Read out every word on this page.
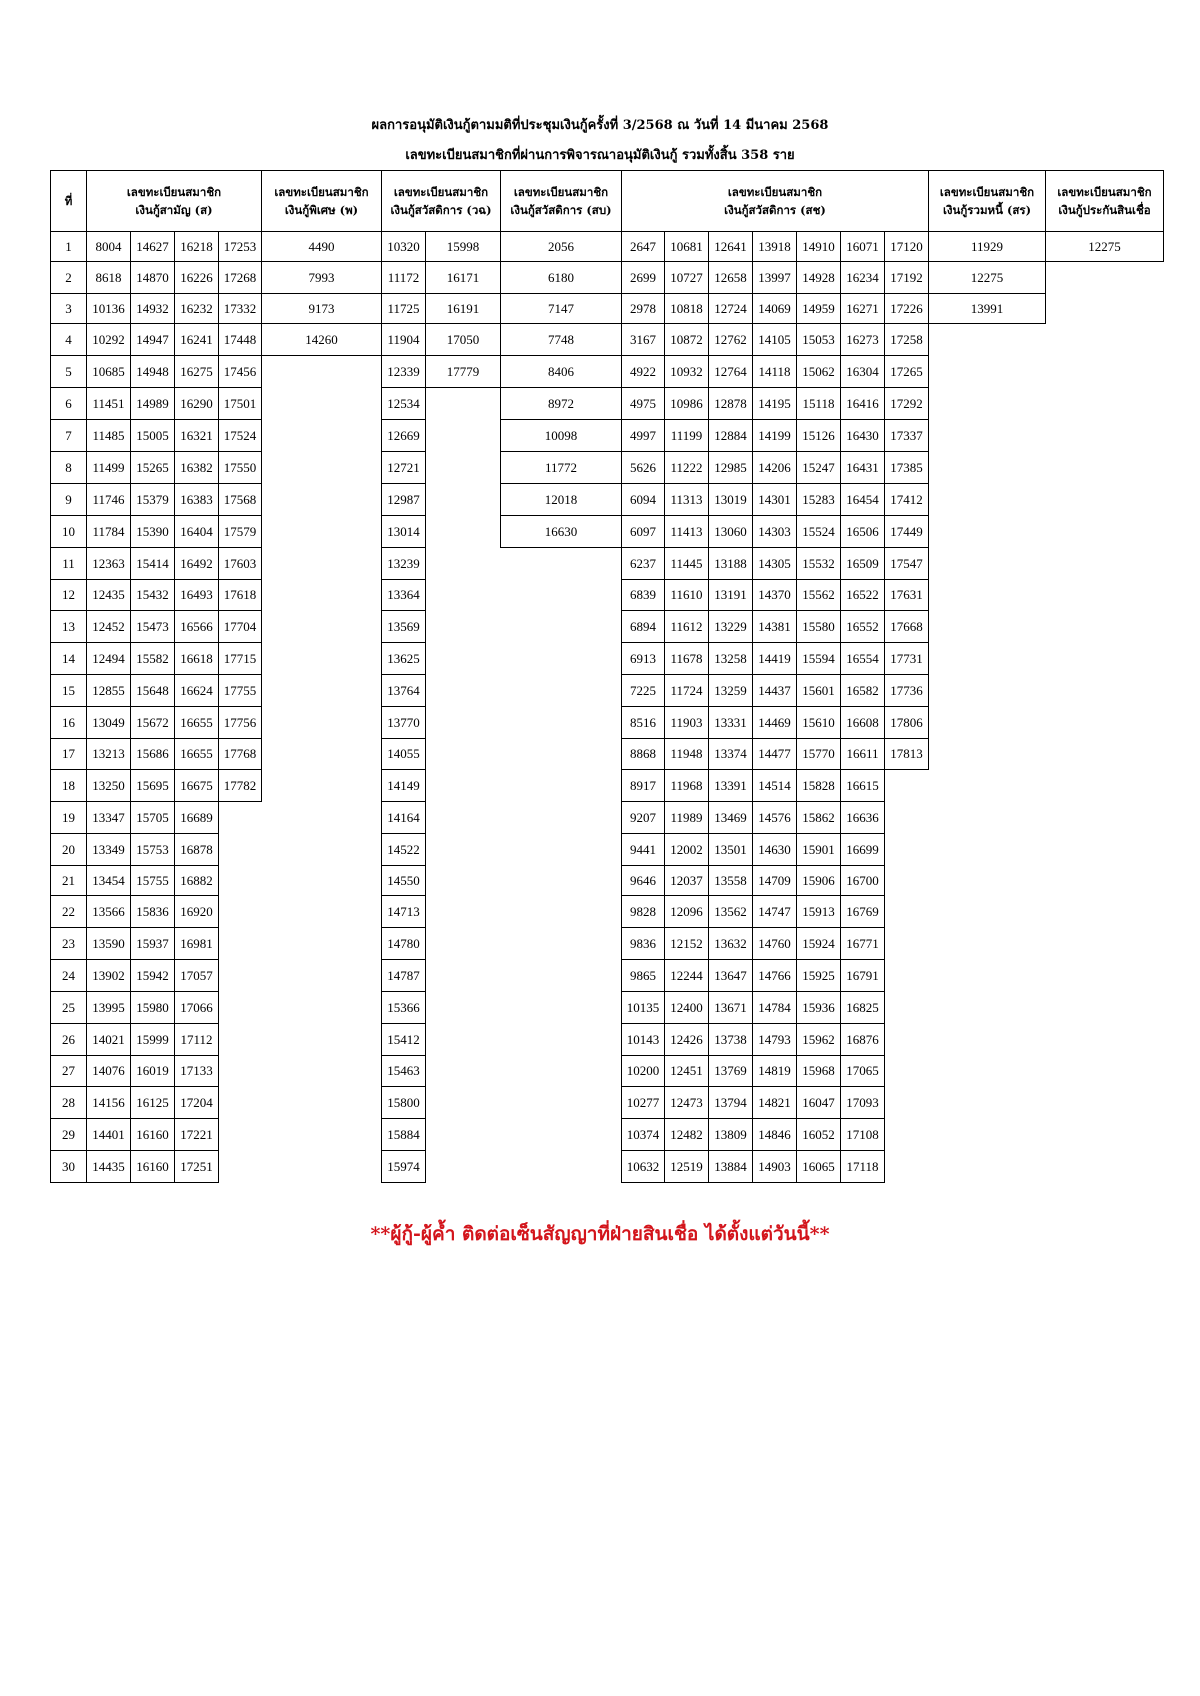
ผลการอนุมัติเงินกู้ตามมติที่ประชุมเงินกู้ครั้งที่ 3/2568 ณ วันที่ 14 มีนาคม 2568
เลขทะเบียนสมาชิกที่ผ่านการพิจารณาอนุมัติเงินกู้ รวมทั้งสิ้น 358 ราย
ที่
1
2
3
4
5
6
7
8
9
10
11
12
13
14
15
16
17
18
19
20
21
22
23
24
25
26
27
28
29
30
เลขทะเบียนสมาชิก
เงินกู้สามัญ (ส)
8004
8618
10136
10292
10685
11451
11485
11499
11746
11784
12363
12435
12452
12494
12855
13049
13213
13250
13347
13349
13454
13566
13590
13902
13995
14021
14076
14156
14401
14435
14627
14870
14932
14947
14948
14989
15005
15265
15379
15390
15414
15432
15473
15582
15648
15672
15686
15695
15705
15753
15755
15836
15937
15942
15980
15999
16019
16125
16160
16160
16218
16226
16232
16241
16275
16290
16321
16382
16383
16404
16492
16493
16566
16618
16624
16655
16655
16675
16689
16878
16882
16920
16981
17057
17066
17112
17133
17204
17221
17251
17253
17268
17332
17448
17456
17501
17524
17550
17568
17579
17603
17618
17704
17715
17755
17756
17768
17782
เลขทะเบียนสมาชิก
เงินกู้พิเศษ (พ)
4490
7993
9173
14260
เลขทะเบียนสมาชิก
เงินกู้สวัสดิการ (วฉ)
10320
11172
11725
11904
12339
12534
12669
12721
12987
13014
13239
13364
13569
13625
13764
13770
14055
14149
14164
14522
14550
14713
14780
14787
15366
15412
15463
15800
15884
15974
15998
16171
16191
17050
17779
เลขทะเบียนสมาชิก
เงินกู้สวัสดิการ (สบ)
2056
6180
7147
7748
8406
8972
10098
11772
12018
16630
เลขทะเบียนสมาชิก
เงินกู้สวัสดิการ (สช)
2647
2699
2978
3167
4922
4975
4997
5626
6094
6097
6237
6839
6894
6913
7225
8516
8868
8917
9207
9441
9646
9828
9836
9865
10135
10143
10200
10277
10374
10632
10681
10727
10818
10872
10932
10986
11199
11222
11313
11413
11445
11610
11612
11678
11724
11903
11948
11968
11989
12002
12037
12096
12152
12244
12400
12426
12451
12473
12482
12519
12641
12658
12724
12762
12764
12878
12884
12985
13019
13060
13188
13191
13229
13258
13259
13331
13374
13391
13469
13501
13558
13562
13632
13647
13671
13738
13769
13794
13809
13884
13918
13997
14069
14105
14118
14195
14199
14206
14301
14303
14305
14370
14381
14419
14437
14469
14477
14514
14576
14630
14709
14747
14760
14766
14784
14793
14819
14821
14846
14903
14910
14928
14959
15053
15062
15118
15126
15247
15283
15524
15532
15562
15580
15594
15601
15610
15770
15828
15862
15901
15906
15913
15924
15925
15936
15962
15968
16047
16052
16065
16071
16234
16271
16273
16304
16416
16430
16431
16454
16506
16509
16522
16552
16554
16582
16608
16611
16615
16636
16699
16700
16769
16771
16791
16825
16876
17065
17093
17108
17118
17120
17192
17226
17258
17265
17292
17337
17385
17412
17449
17547
17631
17668
17731
17736
17806
17813
เลขทะเบียนสมาชิก
เงินกู้รวมหนี้ (สร)
11929
12275
13991
เลขทะเบียนสมาชิก
เงินกู้ประกันสินเชื่อ
12275
**ผู้กู้-ผู้ค้ำ ติดต่อเซ็นสัญญาที่ฝ่ายสินเชื่อ ได้ตั้งแต่วันนี้**
